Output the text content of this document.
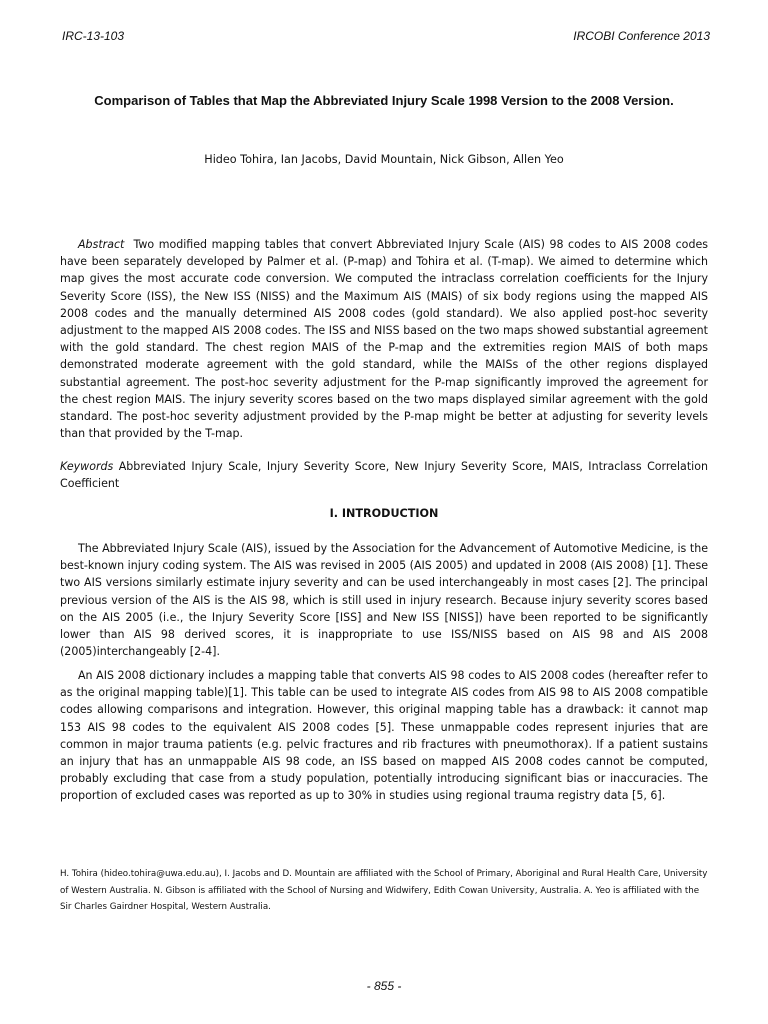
IRC-13-103	IRCOBI Conference 2013
Comparison of Tables that Map the Abbreviated Injury Scale 1998 Version to the 2008 Version.
Hideo Tohira, Ian Jacobs, David Mountain, Nick Gibson, Allen Yeo
Abstract Two modified mapping tables that convert Abbreviated Injury Scale (AIS) 98 codes to AIS 2008 codes have been separately developed by Palmer et al. (P-map) and Tohira et al. (T-map). We aimed to determine which map gives the most accurate code conversion. We computed the intraclass correlation coefficients for the Injury Severity Score (ISS), the New ISS (NISS) and the Maximum AIS (MAIS) of six body regions using the mapped AIS 2008 codes and the manually determined AIS 2008 codes (gold standard). We also applied post-hoc severity adjustment to the mapped AIS 2008 codes. The ISS and NISS based on the two maps showed substantial agreement with the gold standard. The chest region MAIS of the P-map and the extremities region MAIS of both maps demonstrated moderate agreement with the gold standard, while the MAISs of the other regions displayed substantial agreement. The post-hoc severity adjustment for the P-map significantly improved the agreement for the chest region MAIS. The injury severity scores based on the two maps displayed similar agreement with the gold standard. The post-hoc severity adjustment provided by the P-map might be better at adjusting for severity levels than that provided by the T-map.
Keywords Abbreviated Injury Scale, Injury Severity Score, New Injury Severity Score, MAIS, Intraclass Correlation Coefficient
I. INTRODUCTION
The Abbreviated Injury Scale (AIS), issued by the Association for the Advancement of Automotive Medicine, is the best-known injury coding system. The AIS was revised in 2005 (AIS 2005) and updated in 2008 (AIS 2008) [1]. These two AIS versions similarly estimate injury severity and can be used interchangeably in most cases [2]. The principal previous version of the AIS is the AIS 98, which is still used in injury research. Because injury severity scores based on the AIS 2005 (i.e., the Injury Severity Score [ISS] and New ISS [NISS]) have been reported to be significantly lower than AIS 98 derived scores, it is inappropriate to use ISS/NISS based on AIS 98 and AIS 2008 (2005)interchangeably [2-4].
An AIS 2008 dictionary includes a mapping table that converts AIS 98 codes to AIS 2008 codes (hereafter refer to as the original mapping table)[1]. This table can be used to integrate AIS codes from AIS 98 to AIS 2008 compatible codes allowing comparisons and integration. However, this original mapping table has a drawback: it cannot map 153 AIS 98 codes to the equivalent AIS 2008 codes [5]. These unmappable codes represent injuries that are common in major trauma patients (e.g. pelvic fractures and rib fractures with pneumothorax). If a patient sustains an injury that has an unmappable AIS 98 code, an ISS based on mapped AIS 2008 codes cannot be computed, probably excluding that case from a study population, potentially introducing significant bias or inaccuracies. The proportion of excluded cases was reported as up to 30% in studies using regional trauma registry data [5, 6].
H. Tohira (hideo.tohira@uwa.edu.au), I. Jacobs and D. Mountain are affiliated with the School of Primary, Aboriginal and Rural Health Care, University of Western Australia. N. Gibson is affiliated with the School of Nursing and Widwifery, Edith Cowan University, Australia. A. Yeo is affiliated with the Sir Charles Gairdner Hospital, Western Australia.
- 855 -
